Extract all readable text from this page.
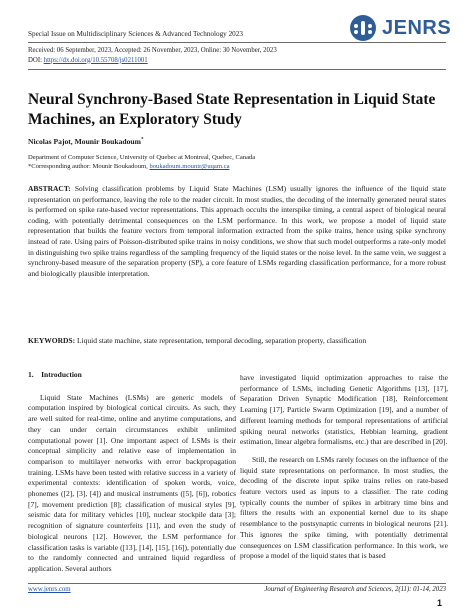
Special Issue on Multidisciplinary Sciences & Advanced Technology 2023	JENRS
Received: 06 September, 2023, Accepted: 26 November, 2023, Online: 30 November, 2023
DOI: https://dx.doi.org/10.55708/js0211001
Neural Synchrony-Based State Representation in Liquid State Machines, an Exploratory Study
Nicolas Pajot, Mounir Boukadoum*
Department of Computer Science, University of Quebec at Montreal, Quebec, Canada
*Corresponding author: Mounir Boukadoum, boukadoum.mounir@uqam.ca
ABSTRACT: Solving classification problems by Liquid State Machines (LSM) usually ignores the influence of the liquid state representation on performance, leaving the role to the reader circuit. In most studies, the decoding of the internally generated neural states is performed on spike rate-based vector representations. This approach occults the interspike timing, a central aspect of biological neural coding, with potentially detrimental consequences on the LSM performance. In this work, we propose a model of liquid state representation that builds the feature vectors from temporal information extracted from the spike trains, hence using spike synchrony instead of rate. Using pairs of Poisson-distributed spike trains in noisy conditions, we show that such model outperforms a rate-only model in distinguishing two spike trains regardless of the sampling frequency of the liquid states or the noise level. In the same vein, we suggest a synchrony-based measure of the separation property (SP), a core feature of LSMs regarding classification performance, for a more robust and biologically plausible interpretation.
KEYWORDS: Liquid state machine, state representation, temporal decoding, separation property, classification

1.    Introduction

Liquid State Machines (LSMs) are generic models of computation inspired by biological cortical circuits. As such, they are well suited for real-time, online and anytime computations, and they can under certain circumstances exhibit unlimited computational power [1]. One important aspect of LSMs is their conceptual simplicity and relative ease of implementation in comparison to multilayer networks with error backpropagation training. LSMs have been tested with relative success in a variety of experimental contexts: identification of spoken words, voice, phonemes ([2], [3], [4]) and musical instruments ([5], [6]), robotics [7], movement prediction [8]; classification of musical styles [9], seismic data for military vehicles [10], nuclear stockpile data [3]; recognition of signature counterfeits [11], and even the study of biological neurons [12]. However, the LSM performance for classification tasks is variable ([13], [14], [15], [16]), potentially due to the randomly connected and untrained liquid regardless of application. Several authors

have investigated liquid optimization approaches to raise the performance of LSMs, including Genetic Algorithms [13], [17], Separation Driven Synaptic Modification [18], Reinforcement Learning [17], Particle Swarm Optimization [19], and a number of different learning methods for temporal representations of artificial spiking neural networks (statistics, Hebbian learning, gradient estimation, linear algebra formalisms, etc.) that are described in [20].

Still, the research on LSMs rarely focuses on the influence of the liquid state representations on performance. In most studies, the decoding of the discrete input spike trains relies on rate-based feature vectors used as inputs to a classifier. The rate coding typically counts the number of spikes in arbitrary time bins and filters the results with an exponential kernel due to its shape resemblance to the postsynaptic currents in biological neurons [21]. This ignores the spike timing, with potentially detrimental consequences on LSM classification performance. In this work, we propose a model of the liquid states that is based

www.jenrs.com	Journal of Engineering Research and Sciences, 2(11): 01-14, 2023
1
